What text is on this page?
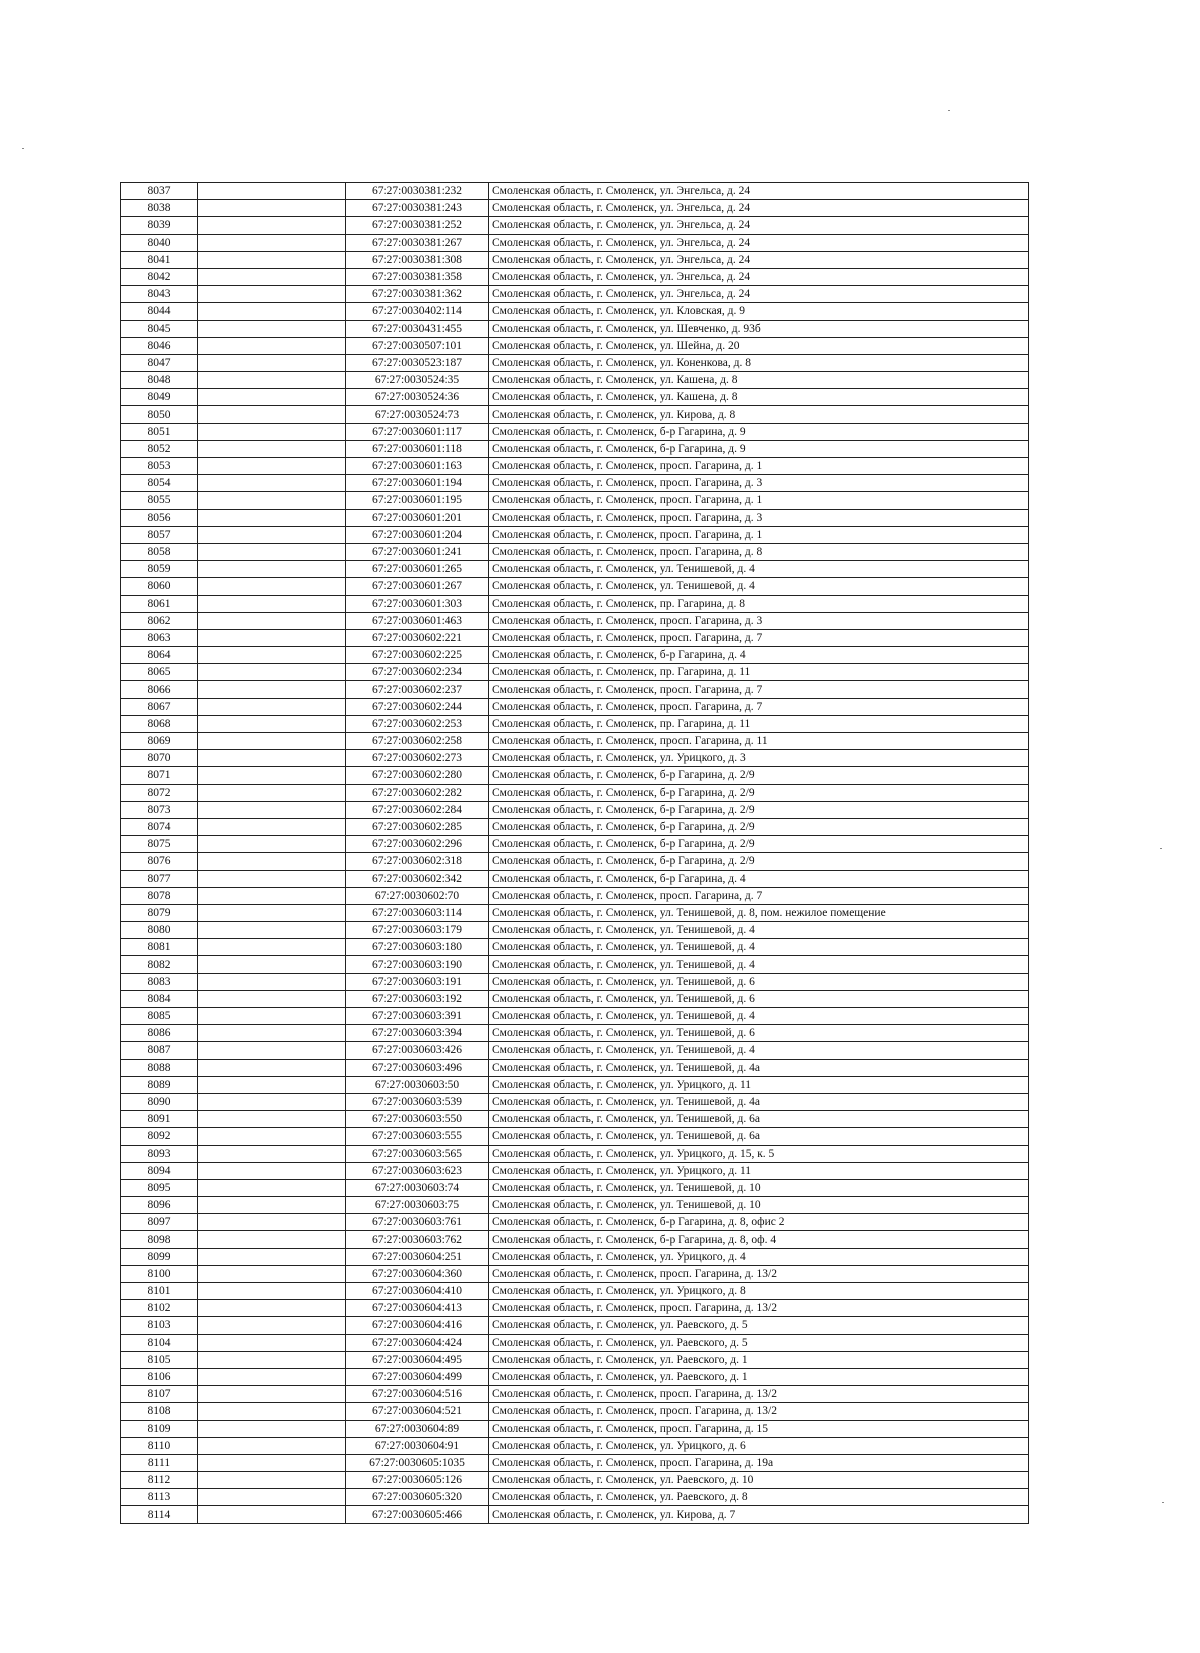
8037		67:27:0030381:232	Смоленская область, г. Смоленск, ул. Энгельса, д. 24
8038		67:27:0030381:243	Смоленская область, г. Смоленск, ул. Энгельса, д. 24
8039		67:27:0030381:252	Смоленская область, г. Смоленск, ул. Энгельса, д. 24
8040		67:27:0030381:267	Смоленская область, г. Смоленск, ул. Энгельса, д. 24
8041		67:27:0030381:308	Смоленская область, г. Смоленск, ул. Энгельса, д. 24
8042		67:27:0030381:358	Смоленская область, г. Смоленск, ул. Энгельса, д. 24
8043		67:27:0030381:362	Смоленская область, г. Смоленск, ул. Энгельса, д. 24
8044		67:27:0030402:114	Смоленская область, г. Смоленск, ул. Кловская, д. 9
8045		67:27:0030431:455	Смоленская область, г. Смоленск, ул. Шевченко, д. 93б
8046		67:27:0030507:101	Смоленская область, г. Смоленск, ул. Шейна, д. 20
8047		67:27:0030523:187	Смоленская область, г. Смоленск, ул. Коненкова, д. 8
8048		67:27:0030524:35	Смоленская область, г. Смоленск, ул. Кашена, д. 8
8049		67:27:0030524:36	Смоленская область, г. Смоленск, ул. Кашена, д. 8
8050		67:27:0030524:73	Смоленская область, г. Смоленск, ул. Кирова, д. 8
8051		67:27:0030601:117	Смоленская область, г. Смоленск, б-р Гагарина, д. 9
8052		67:27:0030601:118	Смоленская область, г. Смоленск, б-р Гагарина, д. 9
8053		67:27:0030601:163	Смоленская область, г. Смоленск, просп. Гагарина, д. 1
8054		67:27:0030601:194	Смоленская область, г. Смоленск, просп. Гагарина, д. 3
8055		67:27:0030601:195	Смоленская область, г. Смоленск, просп. Гагарина, д. 1
8056		67:27:0030601:201	Смоленская область, г. Смоленск, просп. Гагарина, д. 3
8057		67:27:0030601:204	Смоленская область, г. Смоленск, просп. Гагарина, д. 1
8058		67:27:0030601:241	Смоленская область, г. Смоленск, просп. Гагарина, д. 8
8059		67:27:0030601:265	Смоленская область, г. Смоленск, ул. Тенишевой, д. 4
8060		67:27:0030601:267	Смоленская область, г. Смоленск, ул. Тенишевой, д. 4
8061		67:27:0030601:303	Смоленская область, г. Смоленск, пр. Гагарина, д. 8
8062		67:27:0030601:463	Смоленская область, г. Смоленск, просп. Гагарина, д. 3
8063		67:27:0030602:221	Смоленская область, г. Смоленск, просп. Гагарина, д. 7
8064		67:27:0030602:225	Смоленская область, г. Смоленск, б-р Гагарина, д. 4
8065		67:27:0030602:234	Смоленская область, г. Смоленск, пр. Гагарина, д. 11
8066		67:27:0030602:237	Смоленская область, г. Смоленск, просп. Гагарина, д. 7
8067		67:27:0030602:244	Смоленская область, г. Смоленск, просп. Гагарина, д. 7
8068		67:27:0030602:253	Смоленская область, г. Смоленск, пр. Гагарина, д. 11
8069		67:27:0030602:258	Смоленская область, г. Смоленск, просп. Гагарина, д. 11
8070		67:27:0030602:273	Смоленская область, г. Смоленск, ул. Урицкого, д. 3
8071		67:27:0030602:280	Смоленская область, г. Смоленск, б-р Гагарина, д. 2/9
8072		67:27:0030602:282	Смоленская область, г. Смоленск, б-р Гагарина, д. 2/9
8073		67:27:0030602:284	Смоленская область, г. Смоленск, б-р Гагарина, д. 2/9
8074		67:27:0030602:285	Смоленская область, г. Смоленск, б-р Гагарина, д. 2/9
8075		67:27:0030602:296	Смоленская область, г. Смоленск, б-р Гагарина, д. 2/9
8076		67:27:0030602:318	Смоленская область, г. Смоленск, б-р Гагарина, д. 2/9
8077		67:27:0030602:342	Смоленская область, г. Смоленск, б-р Гагарина, д. 4
8078		67:27:0030602:70	Смоленская область, г. Смоленск, просп. Гагарина, д. 7
8079		67:27:0030603:114	Смоленская область, г. Смоленск, ул. Тенишевой, д. 8, пом. нежилое помещение
8080		67:27:0030603:179	Смоленская область, г. Смоленск, ул. Тенишевой, д. 4
8081		67:27:0030603:180	Смоленская область, г. Смоленск, ул. Тенишевой, д. 4
8082		67:27:0030603:190	Смоленская область, г. Смоленск, ул. Тенишевой, д. 4
8083		67:27:0030603:191	Смоленская область, г. Смоленск, ул. Тенишевой, д. 6
8084		67:27:0030603:192	Смоленская область, г. Смоленск, ул. Тенишевой, д. 6
8085		67:27:0030603:391	Смоленская область, г. Смоленск, ул. Тенишевой, д. 4
8086		67:27:0030603:394	Смоленская область, г. Смоленск, ул. Тенишевой, д. 6
8087		67:27:0030603:426	Смоленская область, г. Смоленск, ул. Тенишевой, д. 4
8088		67:27:0030603:496	Смоленская область, г. Смоленск, ул. Тенишевой, д. 4а
8089		67:27:0030603:50	Смоленская область, г. Смоленск, ул. Урицкого, д. 11
8090		67:27:0030603:539	Смоленская область, г. Смоленск, ул. Тенишевой, д. 4а
8091		67:27:0030603:550	Смоленская область, г. Смоленск, ул. Тенишевой, д. 6а
8092		67:27:0030603:555	Смоленская область, г. Смоленск, ул. Тенишевой, д. 6а
8093		67:27:0030603:565	Смоленская область, г. Смоленск, ул. Урицкого, д. 15, к. 5
8094		67:27:0030603:623	Смоленская область, г. Смоленск, ул. Урицкого, д. 11
8095		67:27:0030603:74	Смоленская область, г. Смоленск, ул. Тенишевой, д. 10
8096		67:27:0030603:75	Смоленская область, г. Смоленск, ул. Тенишевой, д. 10
8097		67:27:0030603:761	Смоленская область, г. Смоленск, б-р Гагарина, д. 8, офис 2
8098		67:27:0030603:762	Смоленская область, г. Смоленск, б-р Гагарина, д. 8, оф. 4
8099		67:27:0030604:251	Смоленская область, г. Смоленск, ул. Урицкого, д. 4
8100		67:27:0030604:360	Смоленская область, г. Смоленск, просп. Гагарина, д. 13/2
8101		67:27:0030604:410	Смоленская область, г. Смоленск, ул. Урицкого, д. 8
8102		67:27:0030604:413	Смоленская область, г. Смоленск, просп. Гагарина, д. 13/2
8103		67:27:0030604:416	Смоленская область, г. Смоленск, ул. Раевского, д. 5
8104		67:27:0030604:424	Смоленская область, г. Смоленск, ул. Раевского, д. 5
8105		67:27:0030604:495	Смоленская область, г. Смоленск, ул. Раевского, д. 1
8106		67:27:0030604:499	Смоленская область, г. Смоленск, ул. Раевского, д. 1
8107		67:27:0030604:516	Смоленская область, г. Смоленск, просп. Гагарина, д. 13/2
8108		67:27:0030604:521	Смоленская область, г. Смоленск, просп. Гагарина, д. 13/2
8109		67:27:0030604:89	Смоленская область, г. Смоленск, просп. Гагарина, д. 15
8110		67:27:0030604:91	Смоленская область, г. Смоленск, ул. Урицкого, д. 6
8111		67:27:0030605:1035	Смоленская область, г. Смоленск, просп. Гагарина, д. 19а
8112		67:27:0030605:126	Смоленская область, г. Смоленск, ул. Раевского, д. 10
8113		67:27:0030605:320	Смоленская область, г. Смоленск, ул. Раевского, д. 8
8114		67:27:0030605:466	Смоленская область, г. Смоленск, ул. Кирова, д. 7
